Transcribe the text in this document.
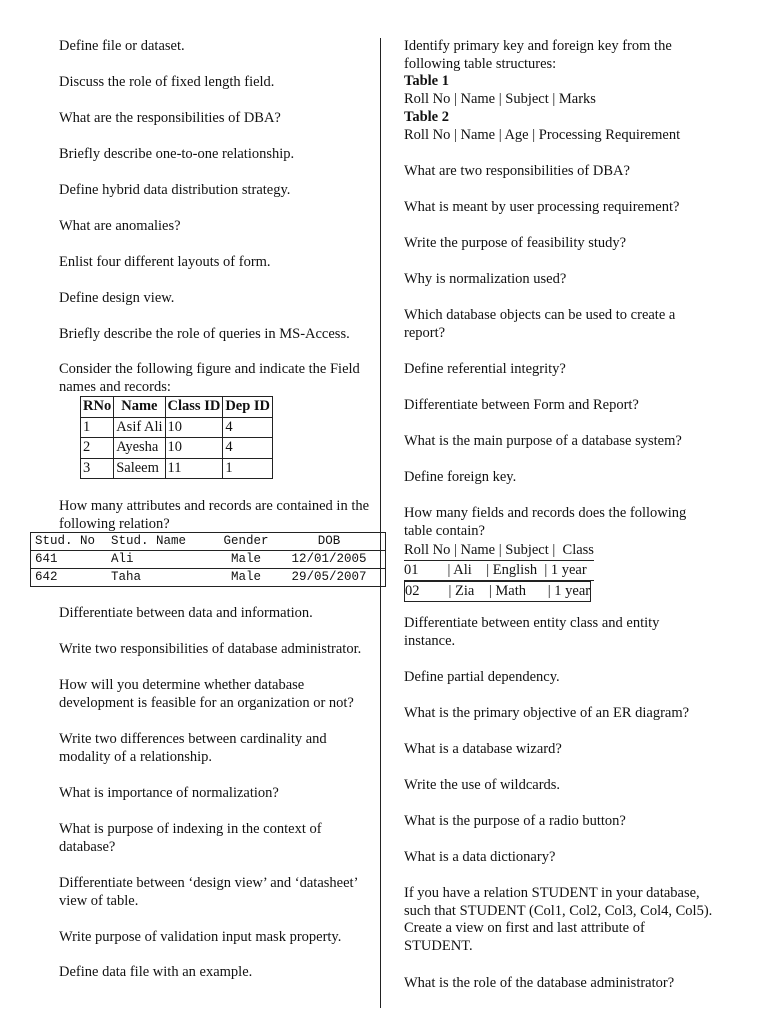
Define file or dataset.

Discuss the role of fixed length field.

What are the responsibilities of DBA?

Briefly describe one-to-one relationship.

Define hybrid data distribution strategy.

What are anomalies?

Enlist four different layouts of form.

Define design view.

Briefly describe the role of queries in MS-Access.

Consider the following figure and indicate the Field names and records:

RNo	Name	Class ID	Dep ID
1	Asif Ali	10	4
2	Ayesha	10	4
3	Saleem	11	1

How many attributes and records are contained in the following relation?

Stud. No	Stud. Name	Gender	DOB
641	Ali	Male	12/01/2005
642	Taha	Male	29/05/2007

Differentiate between data and information.

Write two responsibilities of database administrator.

How will you determine whether database development is feasible for an organization or not?

Write two differences between cardinality and modality of a relationship.

What is importance of normalization?

What is purpose of indexing in the context of database?

Differentiate between ‘design view’ and ‘datasheet’ view of table.

Write purpose of validation input mask property.

Define data file with an example.

Identify primary key and foreign key from the following table structures:

Table 1

Roll No | Name | Subject | Marks

Table 2

Roll No | Name | Age | Processing Requirement

What are two responsibilities of DBA?

What is meant by user processing requirement?

Write the purpose of feasibility study?

Why is normalization used?

Which database objects can be used to create a report?

Define referential integrity?

Differentiate between Form and Report?

What is the main purpose of a database system?

Define foreign key.

How many fields and records does the following table contain?

Roll No | Name | Subject |  Class
01        | Ali    | English  | 1 year
02        | Zia    | Math      | 1 year

Differentiate between entity class and entity instance.

Define partial dependency.

What is the primary objective of an ER diagram?

What is a database wizard?

Write the use of wildcards.

What is the purpose of a radio button?

What is a data dictionary?

If you have a relation STUDENT in your database, such that STUDENT (Col1, Col2, Col3, Col4, Col5). Create a view on first and last attribute of STUDENT.

What is the role of the database administrator?
